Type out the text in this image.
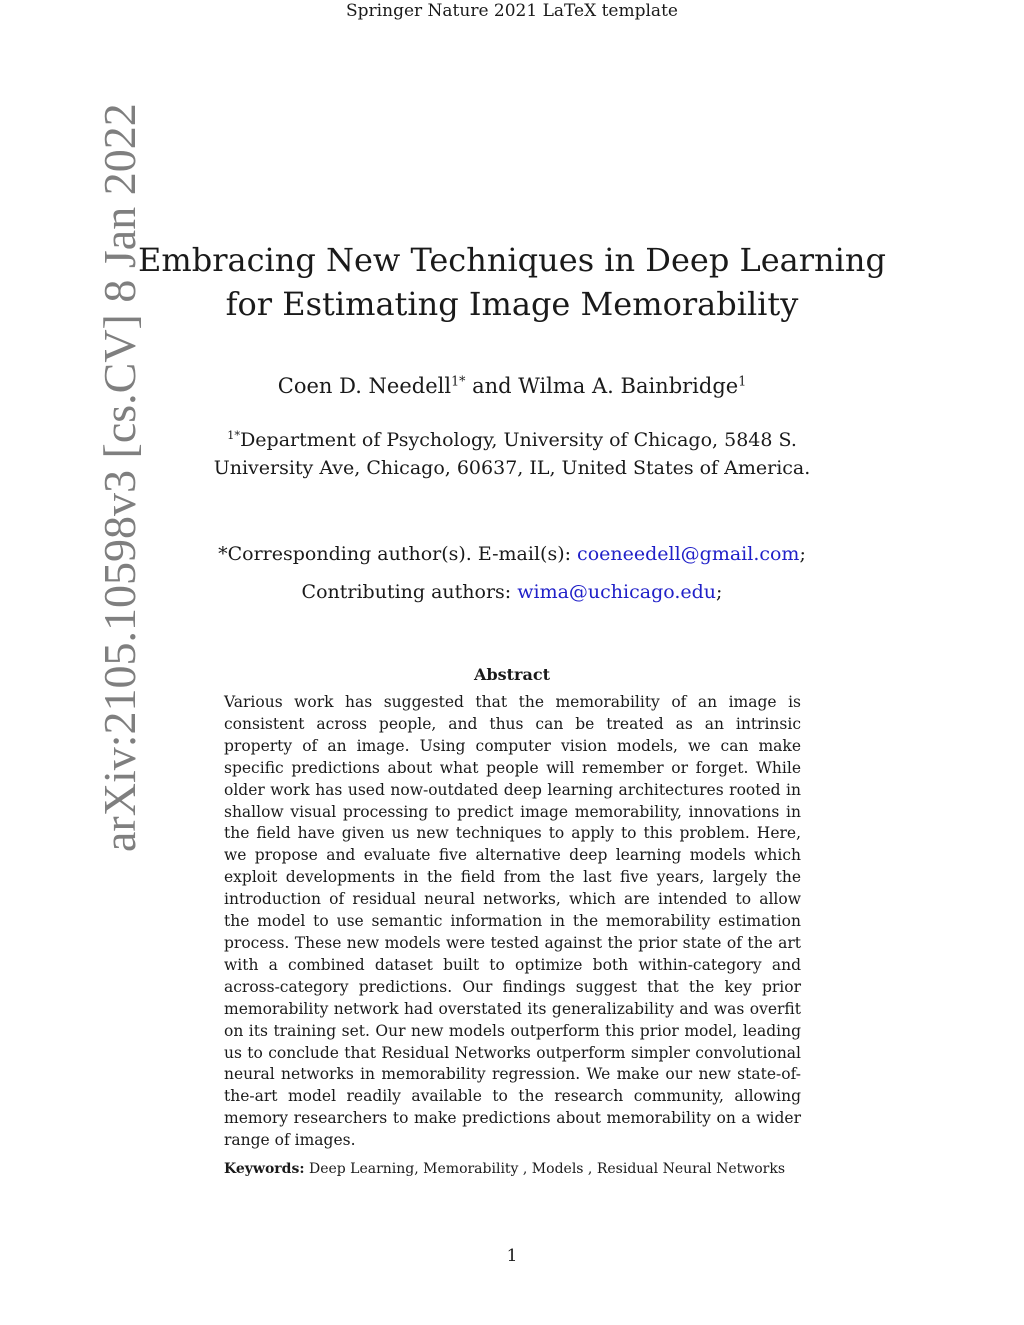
Springer Nature 2021 LaTeX template
arXiv:2105.10598v3 [cs.CV] 8 Jan 2022
Embracing New Techniques in Deep Learning
for Estimating Image Memorability
Coen D. Needell$^{1*}$ and Wilma A. Bainbridge$^1$
$^{1*}$Department of Psychology, University of Chicago, 5848 S.
University Ave, Chicago, 60637, IL, United States of America.
*Corresponding author(s). E-mail(s): coeneedell@gmail.com;
Contributing authors: wima@uchicago.edu;
Abstract

Various work has suggested that the memorability of an image is consistent across people, and thus can be treated as an intrinsic property of an image. Using computer vision models, we can make specific predictions about what people will remember or forget. While older work has used now-outdated deep learning architectures rooted in shallow visual processing to predict image memorability, innovations in the field have given us new techniques to apply to this problem. Here, we propose and evaluate five alternative deep learning models which exploit developments in the field from the last five years, largely the introduction of residual neural networks, which are intended to allow the model to use semantic information in the memorability estimation process. These new models were tested against the prior state of the art with a combined dataset built to optimize both within-category and across-category predictions. Our findings suggest that the key prior memorability network had overstated its generalizability and was overfit on its training set. Our new models outperform this prior model, leading us to conclude that Residual Networks outperform simpler convolutional neural networks in memorability regression. We make our new state-of-the-art model readily available to the research community, allowing memory researchers to make predictions about memorability on a wider range of images.

Keywords: Deep Learning, Memorability , Models , Residual Neural Networks
1
